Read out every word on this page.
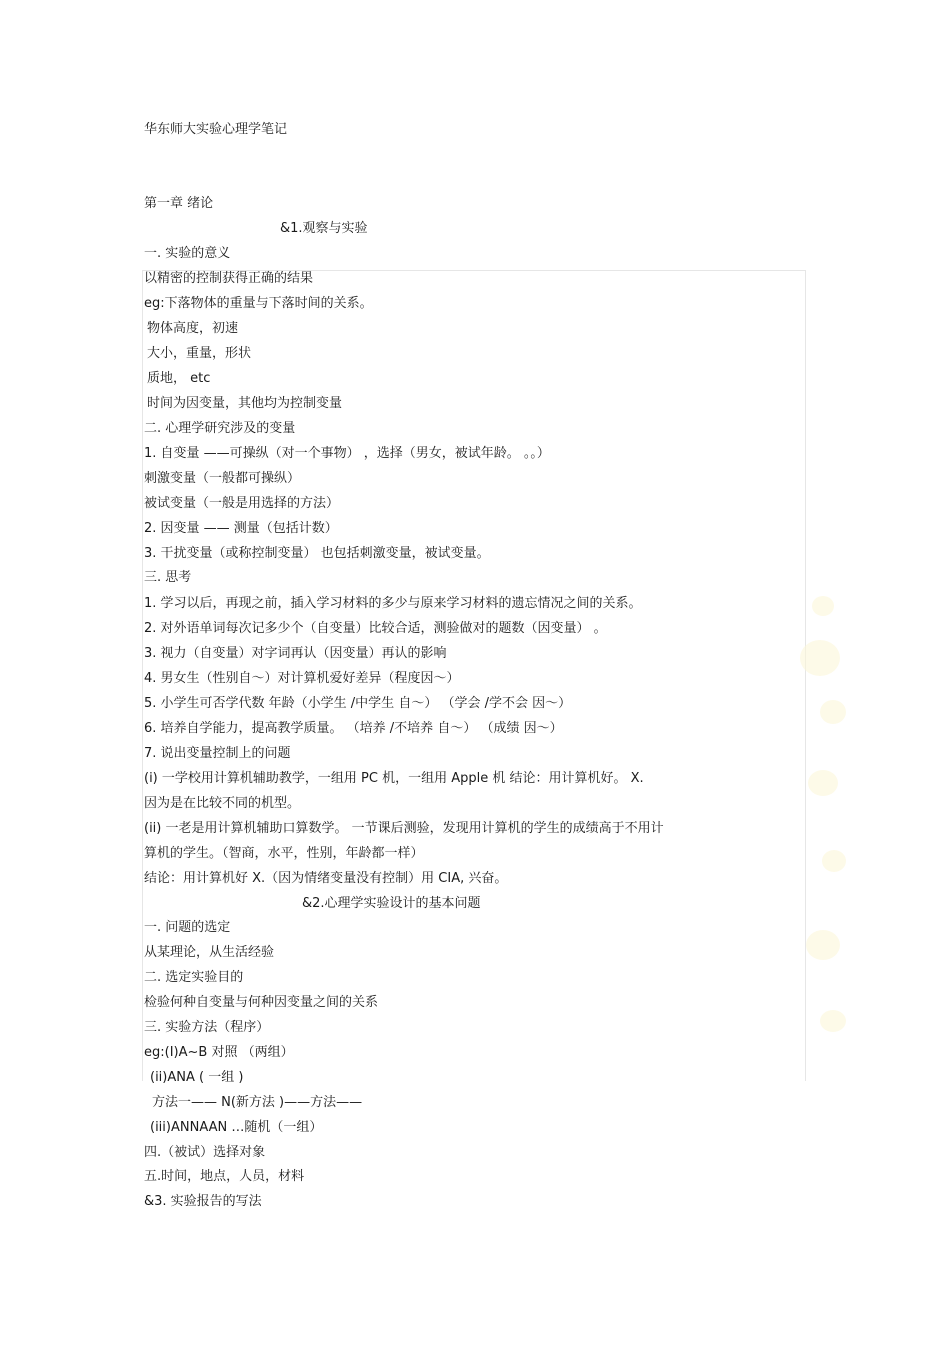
华东师大实验心理学笔记
第一章 绪论
&1.观察与实验
一. 实验的意义
以精密的控制获得正确的结果
eg:下落物体的重量与下落时间的关系。
物体高度，初速
大小，重量，形状
质地， etc
时间为因变量，其他均为控制变量
二. 心理学研究涉及的变量
1. 自变量 ——可操纵（对一个事物） ，选择（男女，被试年龄。 。。）
刺激变量（一般都可操纵）
被试变量（一般是用选择的方法）
2. 因变量 —— 测量（包括计数）
3. 干扰变量（或称控制变量） 也包括刺激变量，被试变量。
三. 思考
1. 学习以后，再现之前，插入学习材料的多少与原来学习材料的遗忘情况之间的关系。
2. 对外语单词每次记多少个（自变量）比较合适，测验做对的题数（因变量） 。
3. 视力（自变量）对字词再认（因变量）再认的影响
4. 男女生（性别自～）对计算机爱好差异（程度因～）
5. 小学生可否学代数 年龄（小学生 /中学生 自～） （学会 /学不会 因～）
6. 培养自学能力，提高教学质量。 （培养 /不培养 自～） （成绩 因～）
7. 说出变量控制上的问题
(i) 一学校用计算机辅助教学，一组用 PC 机，一组用 Apple 机 结论：用计算机好。 X.
因为是在比较不同的机型。
(ii) 一老是用计算机辅助口算数学。 一节课后测验，发现用计算机的学生的成绩高于不用计
算机的学生。（智商，水平，性别，年龄都一样）
结论：用计算机好 X.（因为情绪变量没有控制）用 CIA, 兴奋。
&2.心理学实验设计的基本问题
一. 问题的选定
从某理论，从生活经验
二. 选定实验目的
检验何种自变量与何种因变量之间的关系
三. 实验方法（程序）
eg:(I)A~B 对照 （两组）
(ii)ANA ( 一组 )
方法一—— N(新方法 )——方法——
(iii)ANNAAN …随机（一组）
四.（被试）选择对象
五.时间，地点，人员，材料
&3. 实验报告的写法
